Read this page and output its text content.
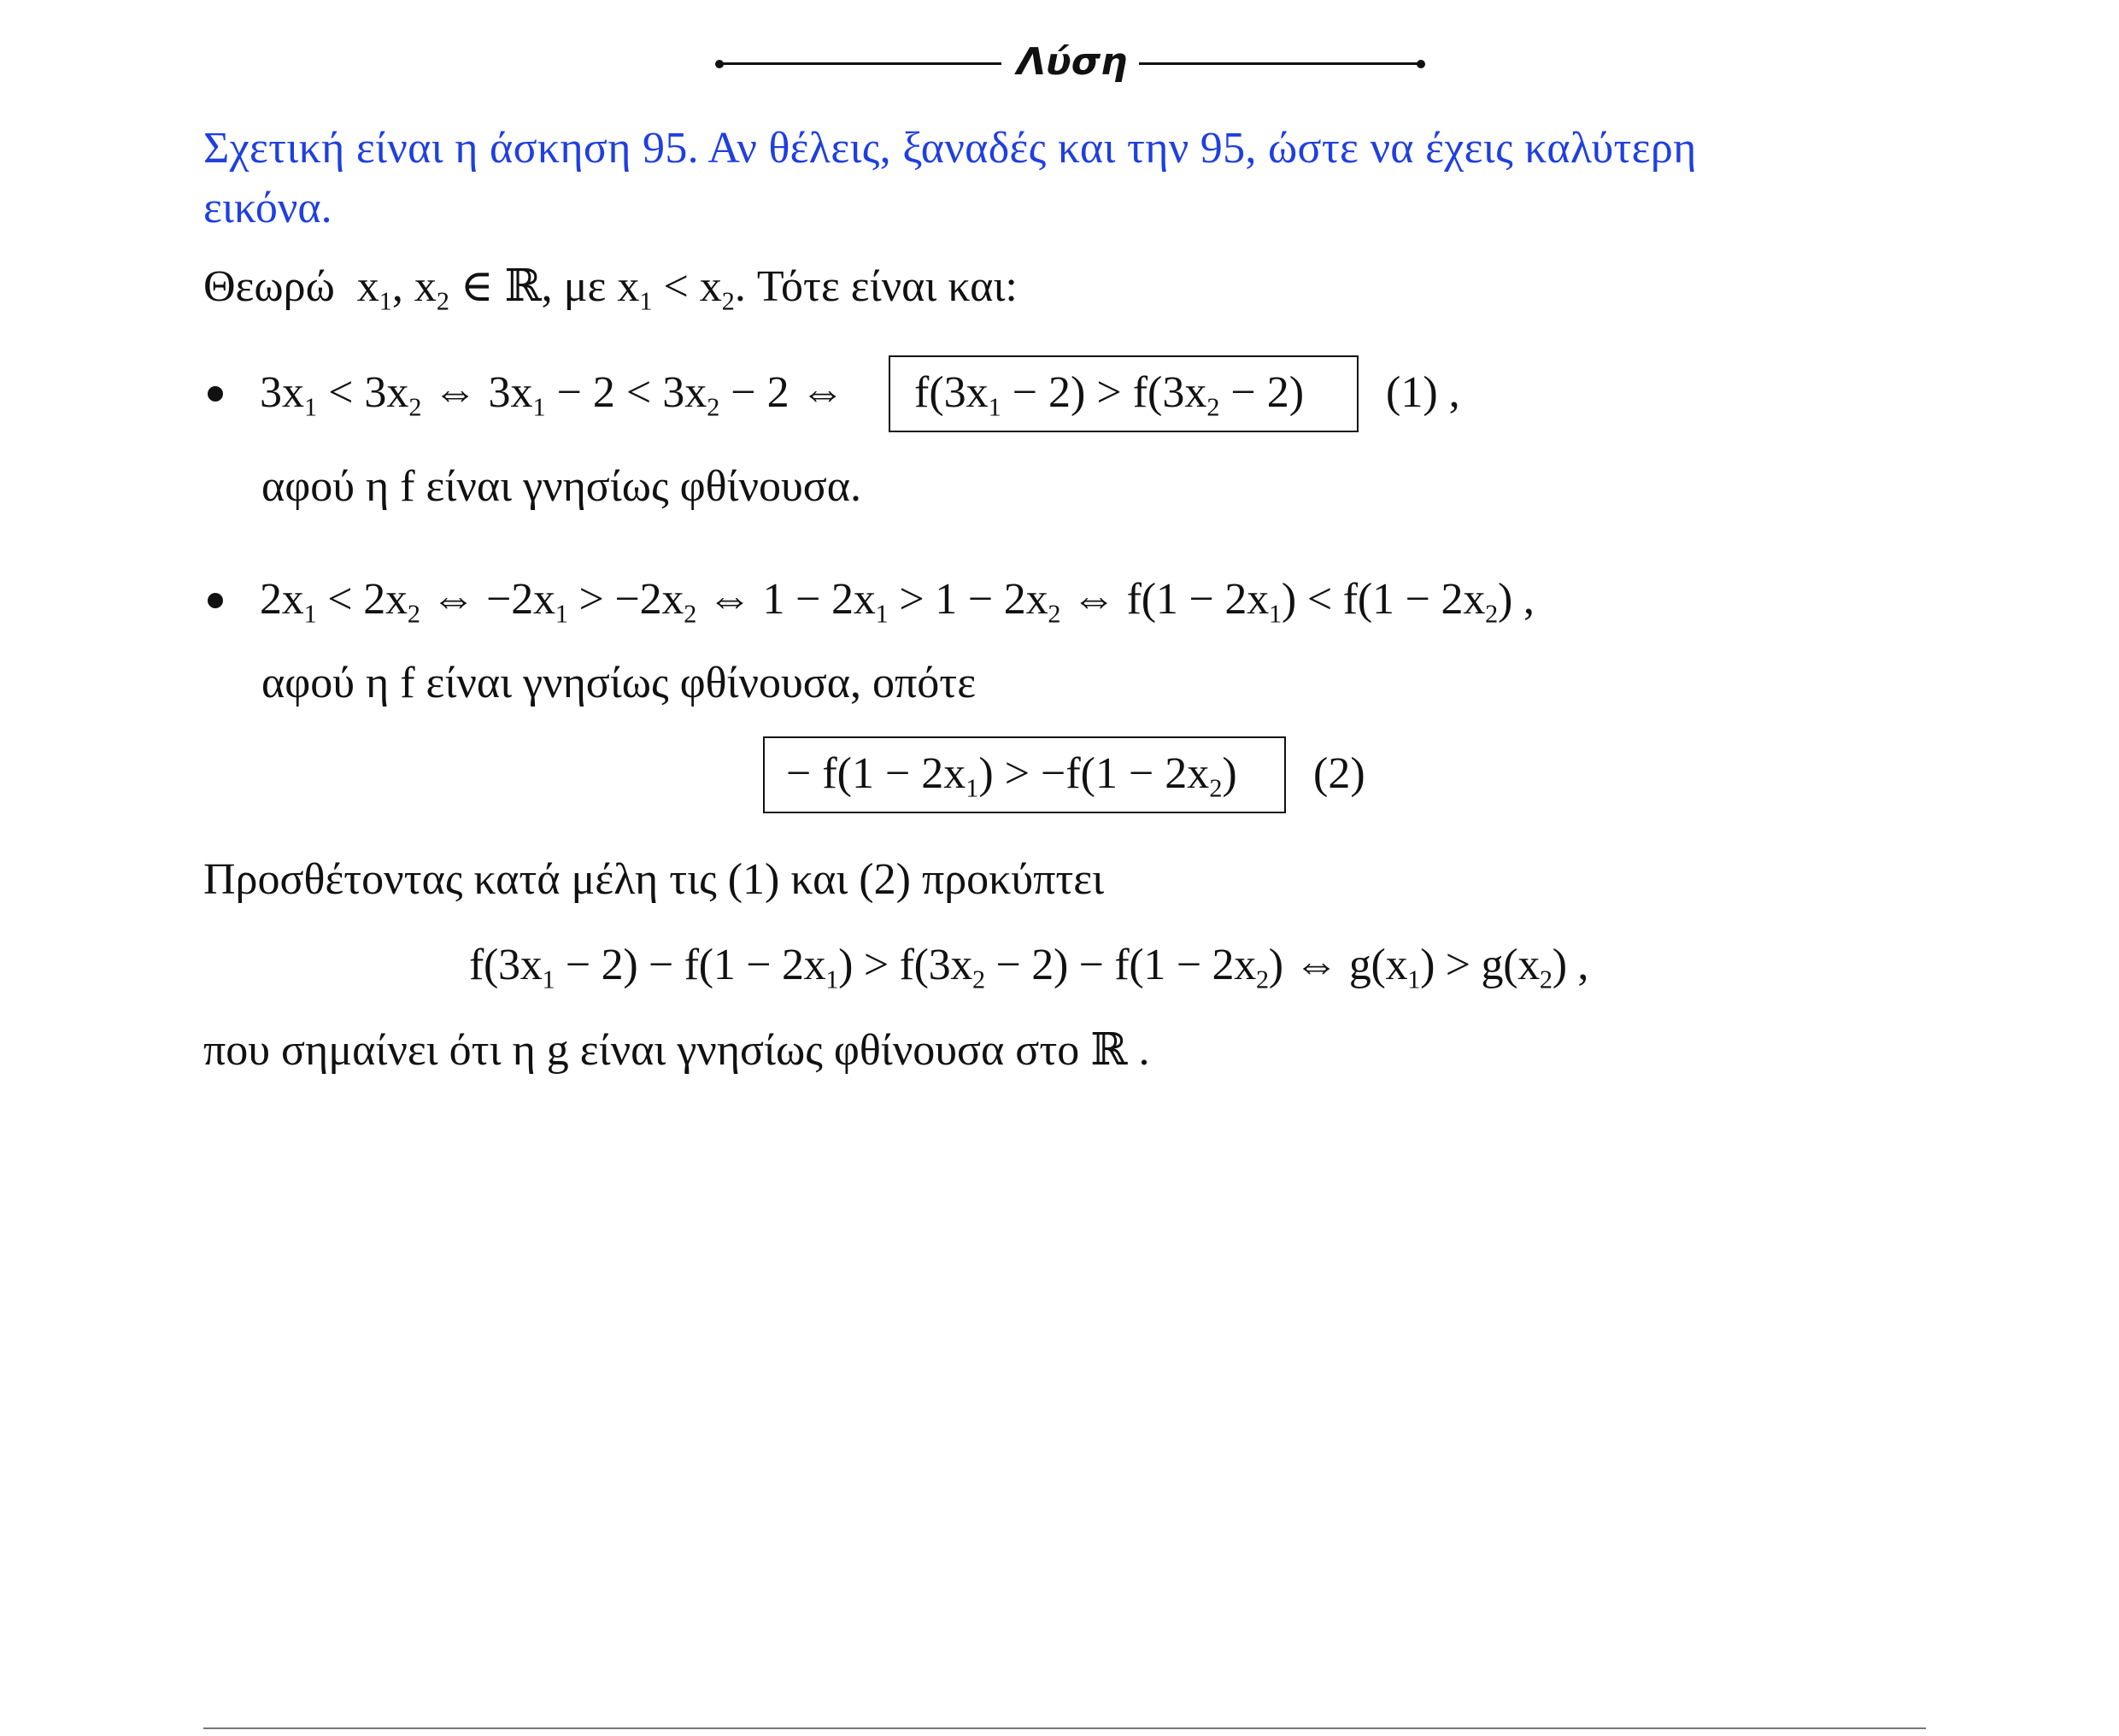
Λύση
Σχετική είναι η άσκηση 95. Αν θέλεις, ξαναδές και την 95, ώστε να έχεις καλύτερη
εικόνα.
Θεωρώ  $x_1$, $x_2$ ∈ ℝ, με $x_1 < x_2$. Τότε είναι και:
$3x_1 < 3x_2$ ⇔ $3x_1 - 2 < 3x_2 - 2$ ⇔ $f(3x_1 - 2) > f(3x_2 - 2)$ (1) ,
αφού η f είναι γνησίως φθίνουσα.
$2x_1 < 2x_2$ ⇔ $-2x_1 > -2x_2$ ⇔ $1 - 2x_1 > 1 - 2x_2$ ⇔ $f(1 - 2x_1) < f(1 - 2x_2)$ ,
αφού η f είναι γνησίως φθίνουσα, οπότε
− $f(1 - 2x_1) > -f(1 - 2x_2)$ (2)
Προσθέτοντας κατά μέλη τις (1) και (2) προκύπτει
$f(3x_1 - 2) - f(1 - 2x_1) > f(3x_2 - 2) - f(1 - 2x_2)$ ⇔ $g(x_1) > g(x_2)$ ,
που σημαίνει ότι η g είναι γνησίως φθίνουσα στο ℝ .
